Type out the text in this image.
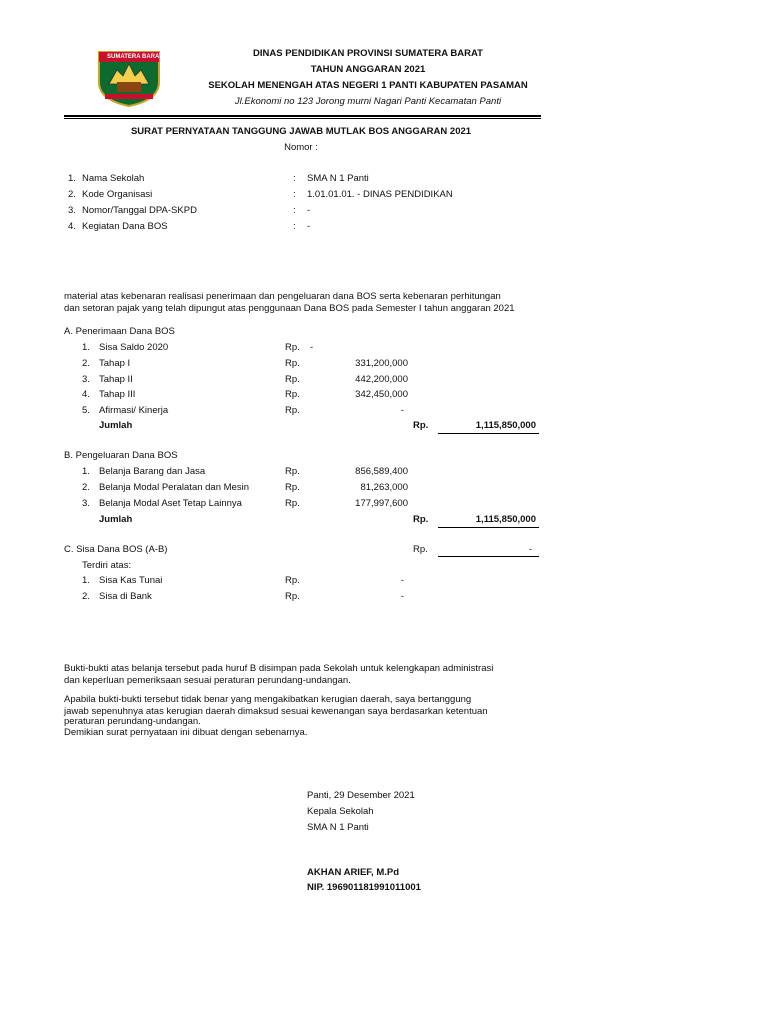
SUMATERA BARAT	DINAS PENDIDIKAN PROVINSI SUMATERA BARAT
TAHUN ANGGARAN 2021
SEKOLAH MENENGAH ATAS NEGERI 1 PANTI KABUPATEN PASAMAN
Jl.Ekonomi no 123 Jorong murni Nagari Panti Kecamatan Panti
SURAT PERNYATAAN TANGGUNG JAWAB MUTLAK BOS ANGGARAN 2021
Nomor :
1. Nama Sekolah	: SMA N 1 Panti
2. Kode Organisasi	: 1.01.01.01. - DINAS PENDIDIKAN
3. Nomor/Tanggal DPA-SKPD	: -
4. Kegiatan Dana BOS	: -
material atas kebenaran realisasi penerimaan dan pengeluaran dana BOS serta kebenaran perhitungan
dan setoran pajak yang telah dipungut atas penggunaan Dana BOS pada Semester I tahun anggaran 2021
A. Penerimaan Dana BOS
1. Sisa Saldo 2020	Rp. -
2. Tahap I	Rp.	331,200,000
3. Tahap II	Rp.	442,200,000
4. Tahap III	Rp.	342,450,000
5. Afirmasi/ Kinerja	Rp.	-
Jumlah	Rp.	1,115,850,000
B. Pengeluaran Dana BOS
1. Belanja Barang dan Jasa	Rp.	856,589,400
2. Belanja Modal Peralatan dan Mesin	Rp.	81,263,000
3. Belanja Modal Aset Tetap Lainnya	Rp.	177,997,600
Jumlah	Rp.	1,115,850,000
C. Sisa Dana BOS (A-B)	Rp.	-
Terdiri atas:
1. Sisa Kas Tunai	Rp.	-
2. Sisa di Bank	Rp.	-
Bukti-bukti atas belanja tersebut pada huruf B disimpan pada Sekolah untuk kelengkapan administrasi
dan keperluan pemeriksaan sesuai peraturan perundang-undangan.
Apabila bukti-bukti tersebut tidak benar yang mengakibatkan kerugian daerah, saya bertanggung
jawab sepenuhnya atas kerugian daerah dimaksud sesuai kewenangan saya berdasarkan ketentuan
peraturan perundang-undangan.
Demikian surat pernyataan ini dibuat dengan sebenarnya.
Panti, 29 Desember 2021
Kepala Sekolah
SMA N 1 Panti
AKHAN ARIEF, M.Pd
NIP. 196901181991011001
